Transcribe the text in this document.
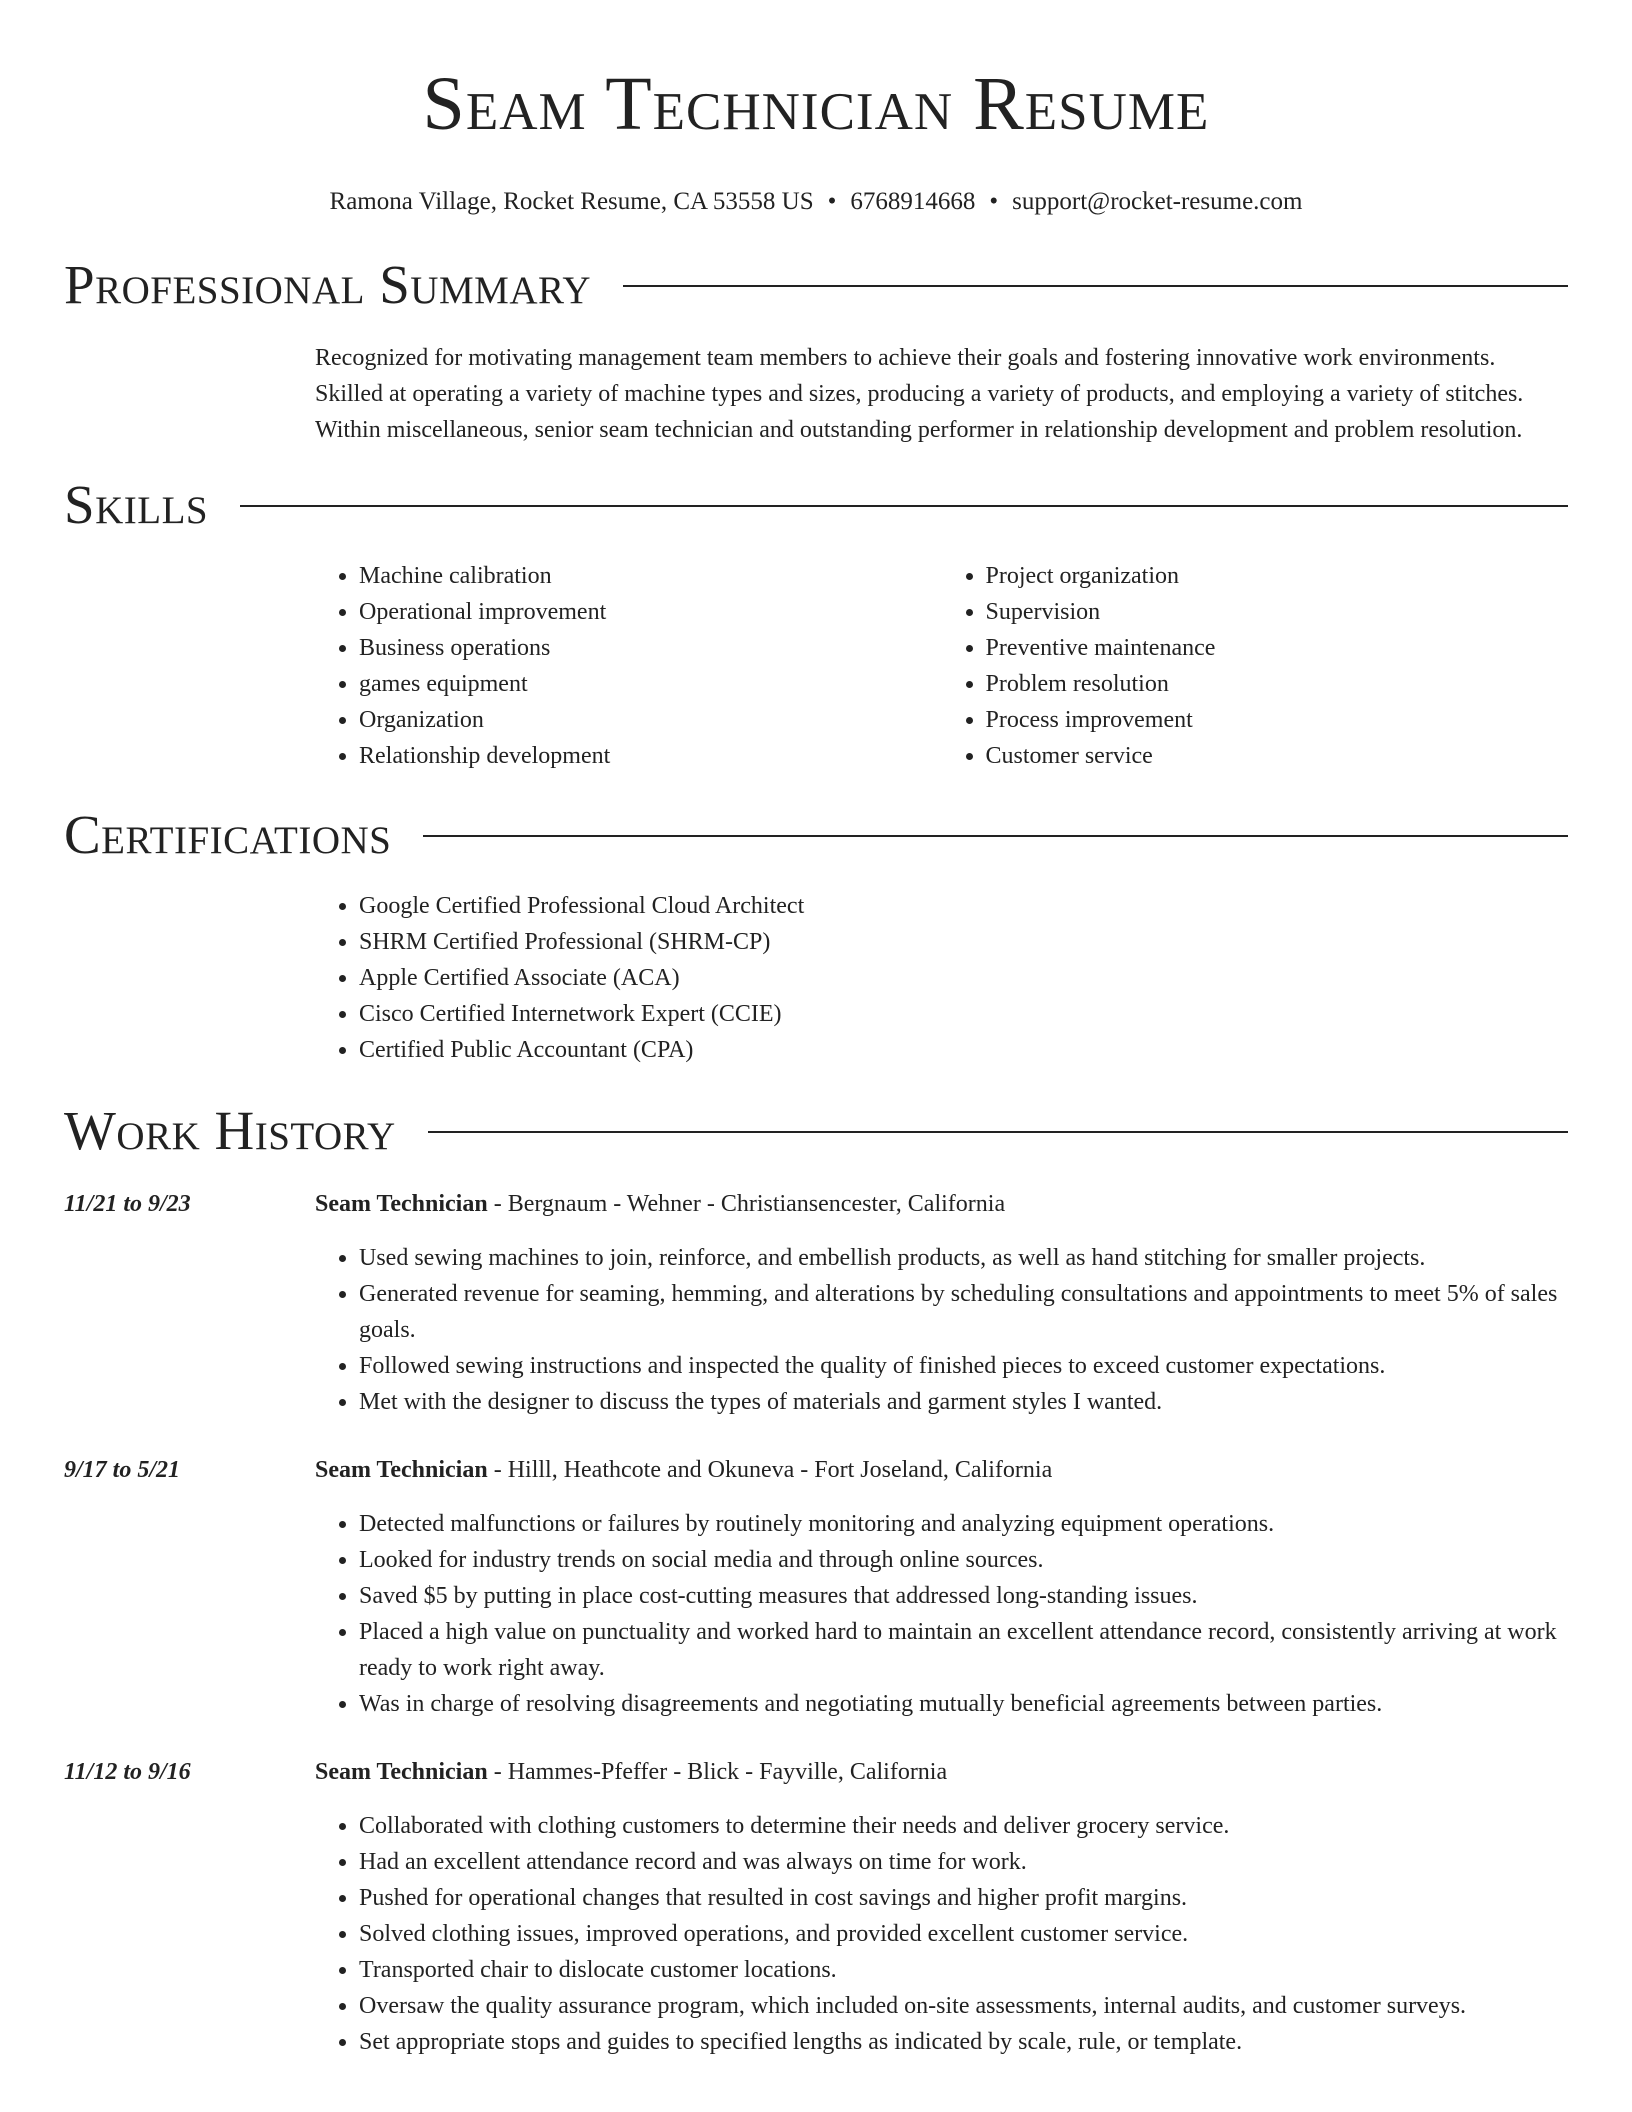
Seam Technician Resume
Ramona Village, Rocket Resume, CA 53558 US • 6768914668 • support@rocket-resume.com
Professional Summary
Recognized for motivating management team members to achieve their goals and fostering innovative work environments. Skilled at operating a variety of machine types and sizes, producing a variety of products, and employing a variety of stitches. Within miscellaneous, senior seam technician and outstanding performer in relationship development and problem resolution.
Skills
• Machine calibration
• Operational improvement
• Business operations
• games equipment
• Organization
• Relationship development
• Project organization
• Supervision
• Preventive maintenance
• Problem resolution
• Process improvement
• Customer service
Certifications
• Google Certified Professional Cloud Architect
• SHRM Certified Professional (SHRM-CP)
• Apple Certified Associate (ACA)
• Cisco Certified Internetwork Expert (CCIE)
• Certified Public Accountant (CPA)
Work History
11/21 to 9/23	Seam Technician - Bergnaum - Wehner - Christiansencester, California
• Used sewing machines to join, reinforce, and embellish products, as well as hand stitching for smaller projects.
• Generated revenue for seaming, hemming, and alterations by scheduling consultations and appointments to meet 5% of sales goals.
• Followed sewing instructions and inspected the quality of finished pieces to exceed customer expectations.
• Met with the designer to discuss the types of materials and garment styles I wanted.
9/17 to 5/21	Seam Technician - Hilll, Heathcote and Okuneva - Fort Joseland, California
• Detected malfunctions or failures by routinely monitoring and analyzing equipment operations.
• Looked for industry trends on social media and through online sources.
• Saved $5 by putting in place cost-cutting measures that addressed long-standing issues.
• Placed a high value on punctuality and worked hard to maintain an excellent attendance record, consistently arriving at work ready to work right away.
• Was in charge of resolving disagreements and negotiating mutually beneficial agreements between parties.
11/12 to 9/16	Seam Technician - Hammes-Pfeffer - Blick - Fayville, California
• Collaborated with clothing customers to determine their needs and deliver grocery service.
• Had an excellent attendance record and was always on time for work.
• Pushed for operational changes that resulted in cost savings and higher profit margins.
• Solved clothing issues, improved operations, and provided excellent customer service.
• Transported chair to dislocate customer locations.
• Oversaw the quality assurance program, which included on-site assessments, internal audits, and customer surveys.
• Set appropriate stops and guides to specified lengths as indicated by scale, rule, or template.
